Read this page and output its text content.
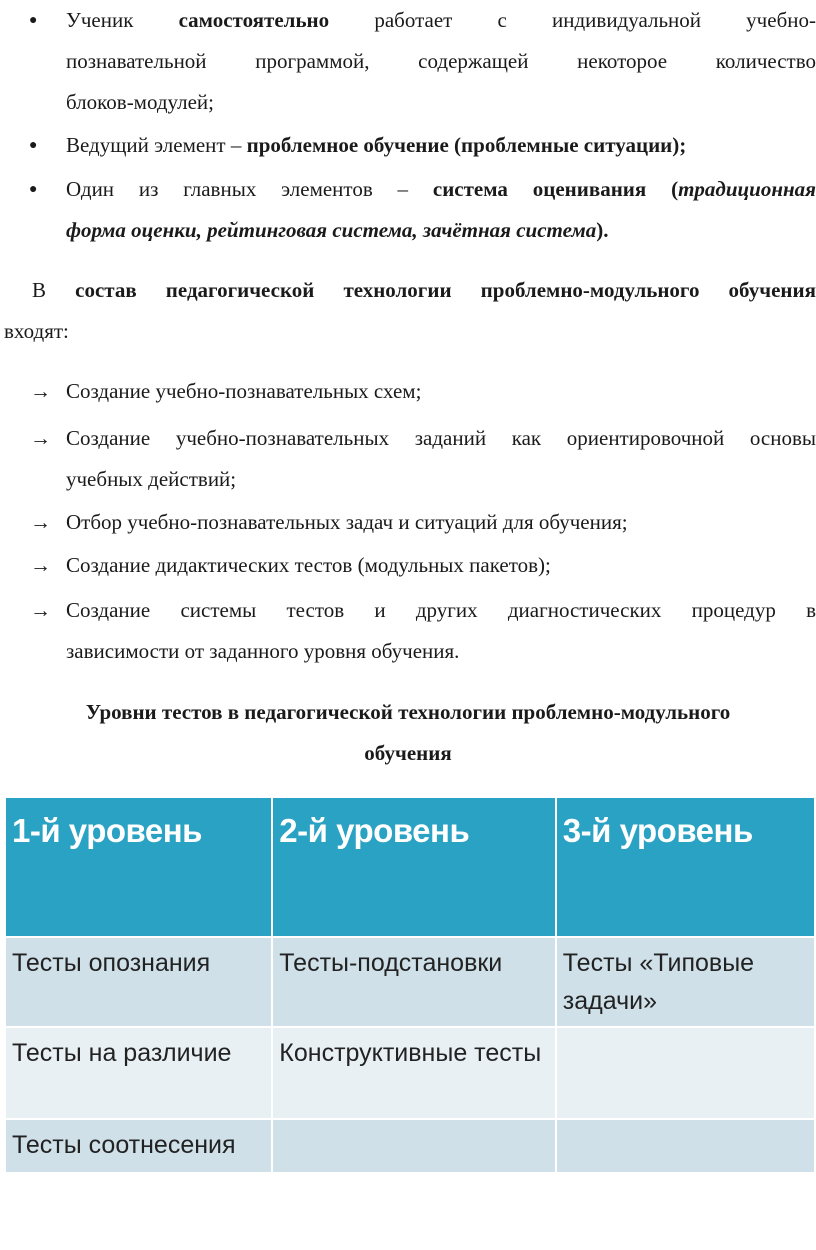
● Ученик самостоятельно работает с индивидуальной учебно-
познавательной программой, содержащей некоторое количество
блоков-модулей;
● Ведущий элемент – проблемное обучение (проблемные ситуации);
● Один из главных элементов – система оценивания (традиционная
форма оценки, рейтинговая система, зачётная система).
В состав педагогической технологии проблемно-модульного обучения
входят:
→ Создание учебно-познавательных схем;
→ Создание учебно-познавательных заданий как ориентировочной основы
учебных действий;
→ Отбор учебно-познавательных задач и ситуаций для обучения;
→ Создание дидактических тестов (модульных пакетов);
→ Создание системы тестов и других диагностических процедур в
зависимости от заданного уровня обучения.
Уровни тестов в педагогической технологии проблемно-модульного
обучения
1-й уровень	2-й уровень	3-й уровень
Тесты опознания	Тесты-подстановки	Тесты «Типовые задачи»
Тесты на различие	Конструктивные тесты	
Тесты соотнесения		
